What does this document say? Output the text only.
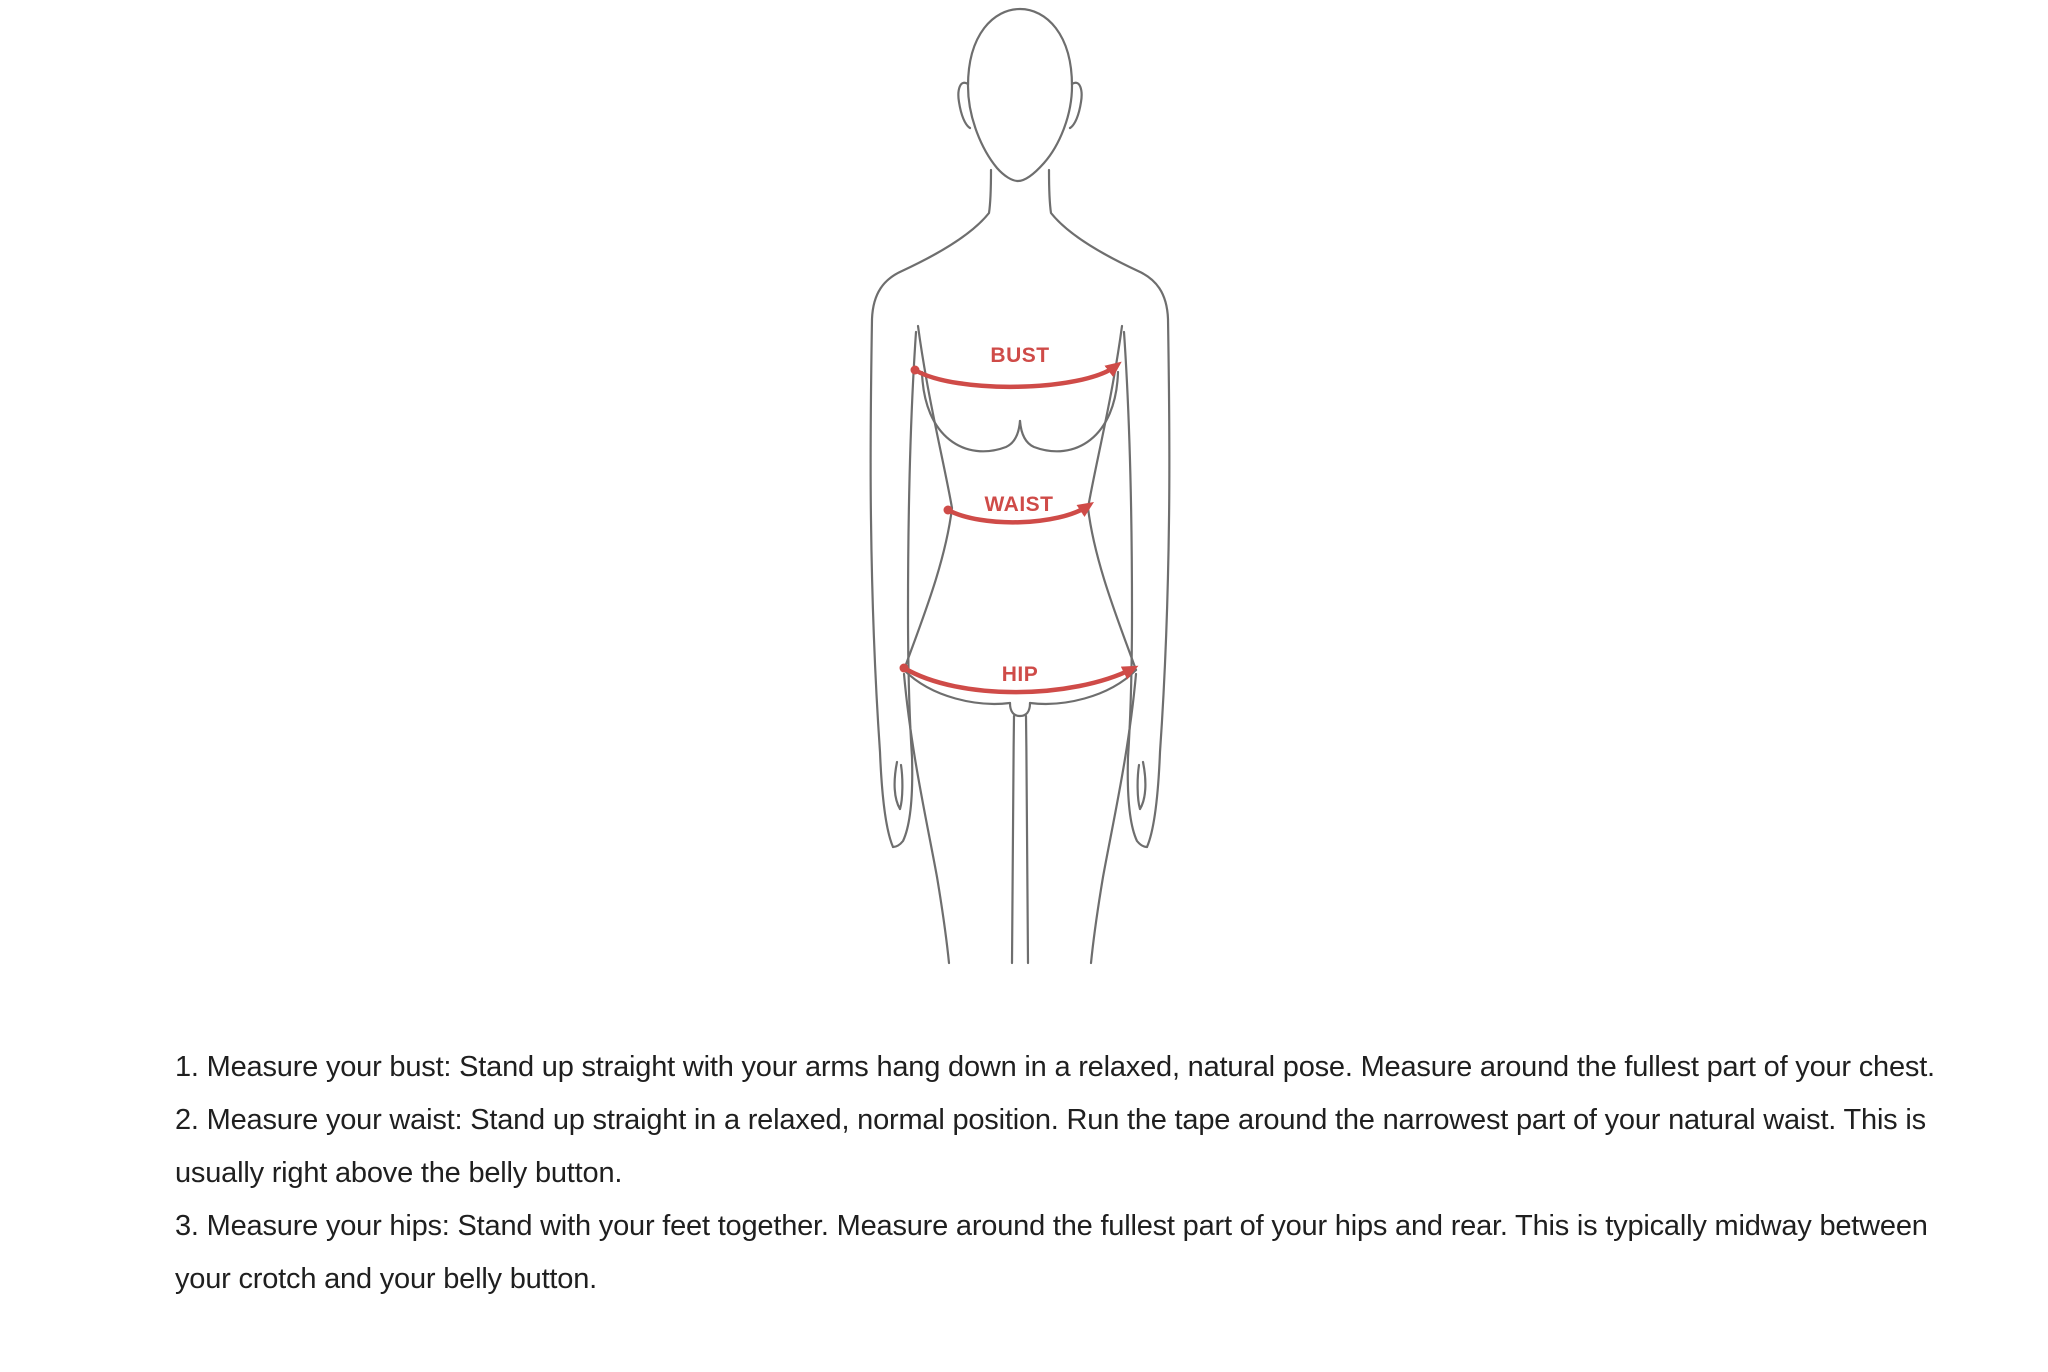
BUST
WAIST
HIP
1. Measure your bust: Stand up straight with your arms hang down in a relaxed, natural pose. Measure around the fullest part of your chest.
2. Measure your waist: Stand up straight in a relaxed, normal position. Run the tape around the narrowest part of your natural waist. This is usually right above the belly button.
3. Measure your hips: Stand with your feet together. Measure around the fullest part of your hips and rear. This is typically midway between your crotch and your belly button.
